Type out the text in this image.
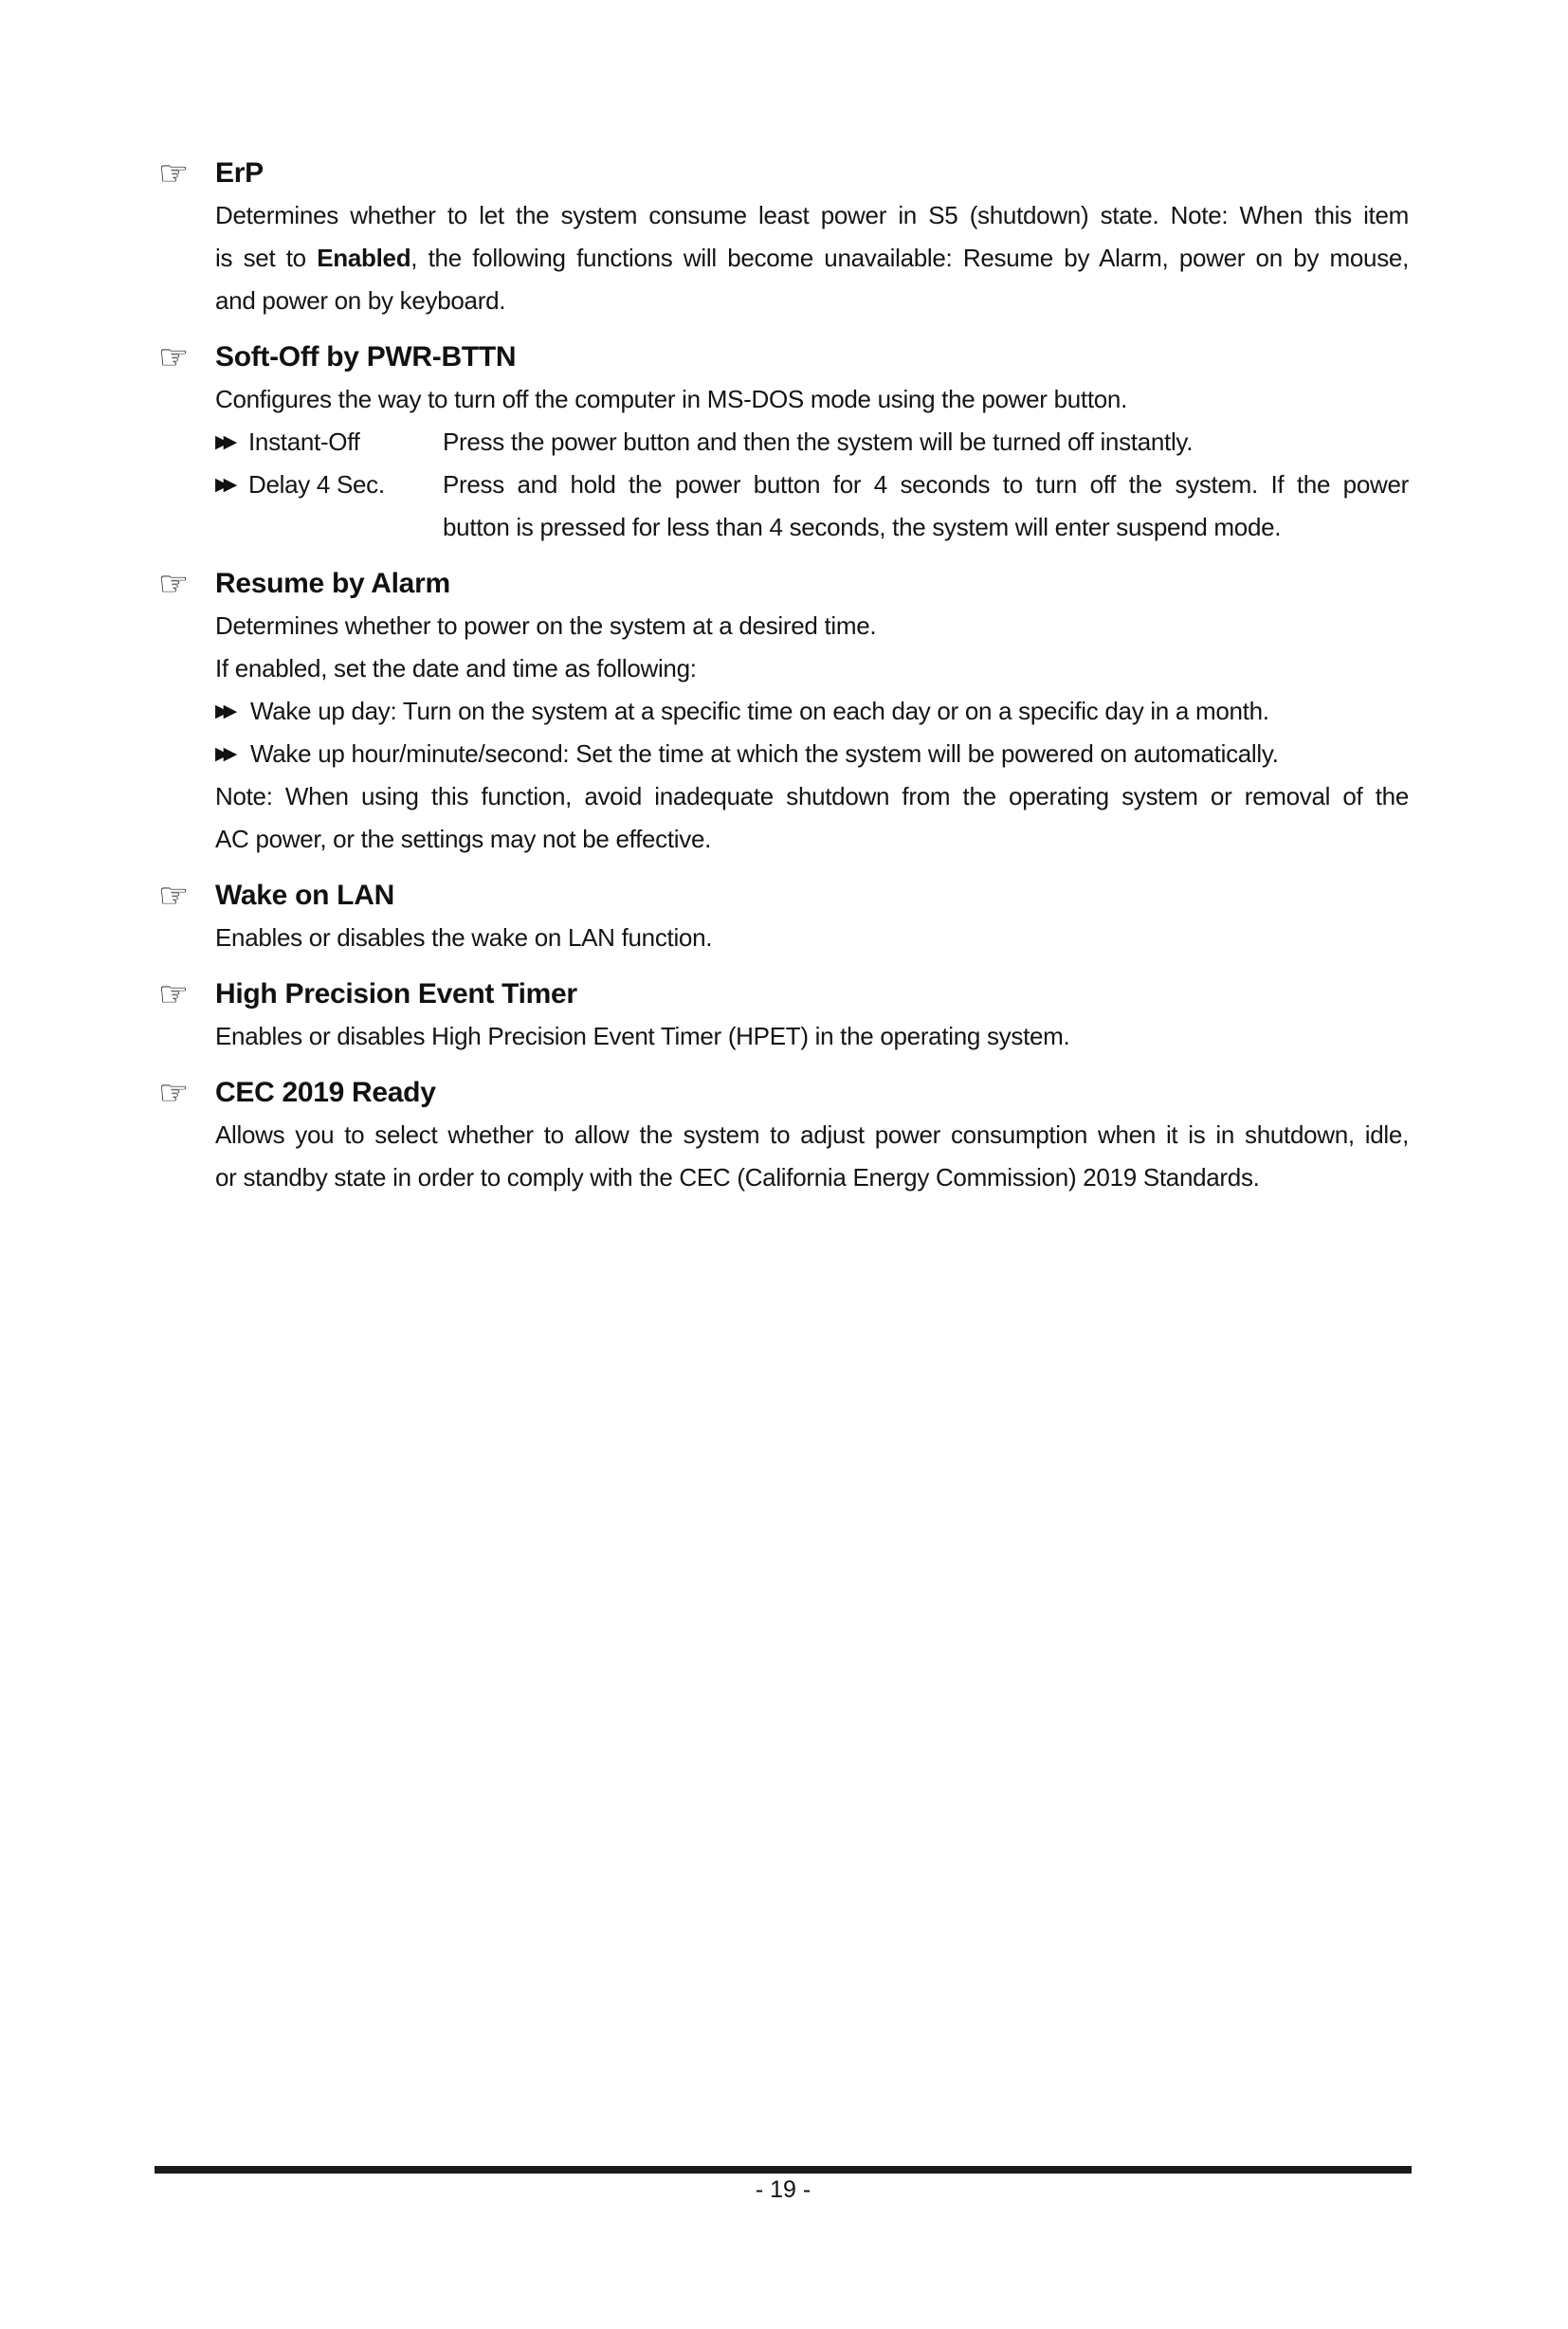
☞ ErP
Determines whether to let the system consume least power in S5 (shutdown) state. Note: When this item
is set to Enabled, the following functions will become unavailable: Resume by Alarm, power on by mouse,
and power on by keyboard.
☞ Soft-Off by PWR-BTTN
Configures the way to turn off the computer in MS-DOS mode using the power button.
▶▶ Instant-Off	Press the power button and then the system will be turned off instantly.
▶▶ Delay 4 Sec.	Press and hold the power button for 4 seconds to turn off the system. If the power
button is pressed for less than 4 seconds, the system will enter suspend mode.
☞ Resume by Alarm
Determines whether to power on the system at a desired time.
If enabled, set the date and time as following:
▶▶ Wake up day: Turn on the system at a specific time on each day or on a specific day in a month.
▶▶ Wake up hour/minute/second: Set the time at which the system will be powered on automatically.
Note: When using this function, avoid inadequate shutdown from the operating system or removal of the
AC power, or the settings may not be effective.
☞ Wake on LAN
Enables or disables the wake on LAN function.
☞ High Precision Event Timer
Enables or disables High Precision Event Timer (HPET) in the operating system.
☞ CEC 2019 Ready
Allows you to select whether to allow the system to adjust power consumption when it is in shutdown, idle,
or standby state in order to comply with the CEC (California Energy Commission) 2019 Standards.
- 19 -
